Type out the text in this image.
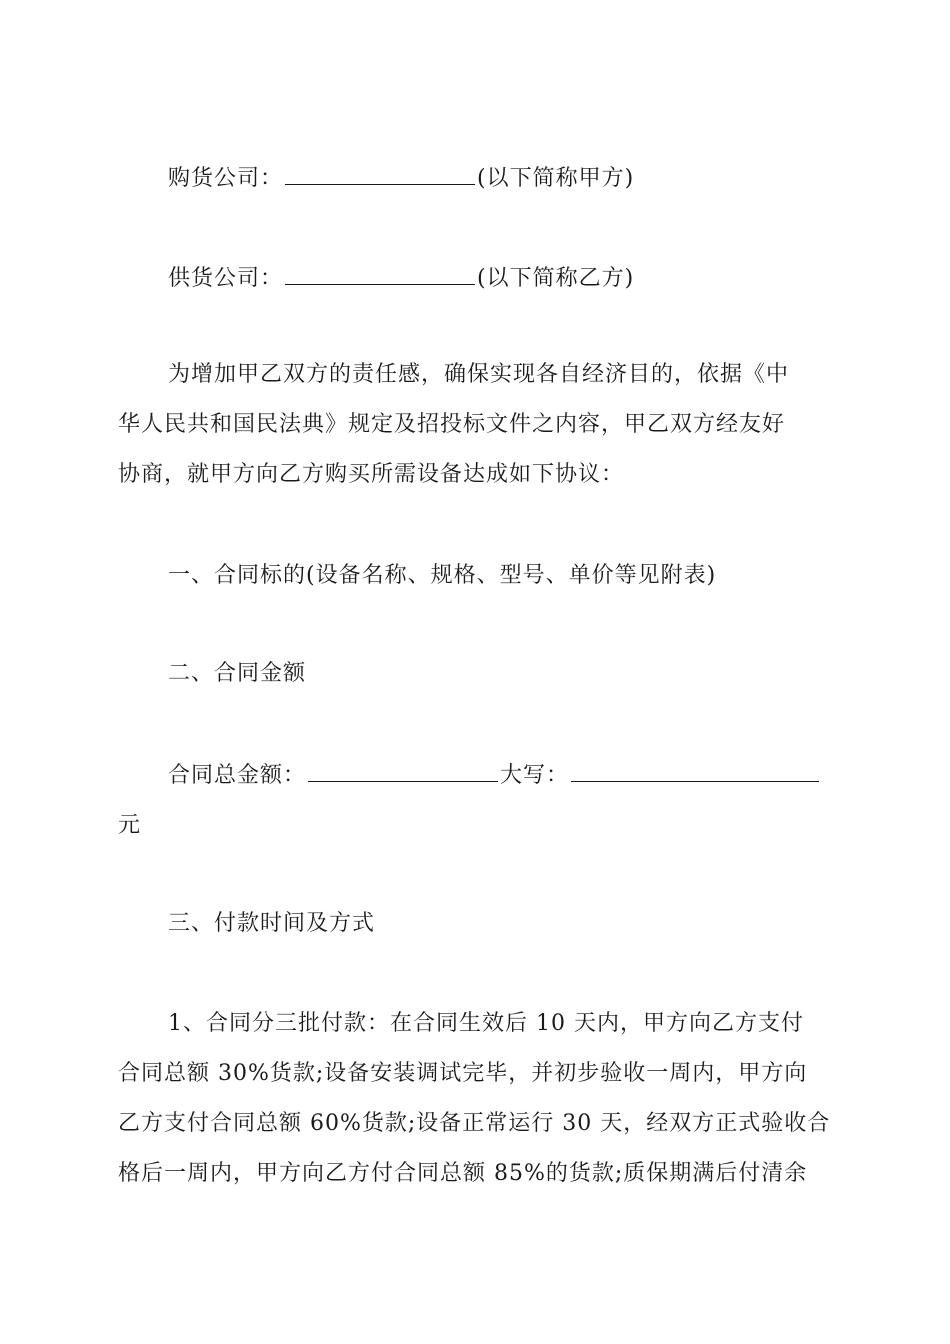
购货公司：	(以下简称甲方)
供货公司：	(以下简称乙方)
为增加甲乙双方的责任感，确保实现各自经济目的，依据《中
华人民共和国民法典》规定及招投标文件之内容，甲乙双方经友好
协商，就甲方向乙方购买所需设备达成如下协议：
一、合同标的(设备名称、规格、型号、单价等见附表)
二、合同金额
合同总金额：	大写：
元
三、付款时间及方式
1、合同分三批付款：在合同生效后 10 天内，甲方向乙方支付
合同总额 30%货款;设备安装调试完毕，并初步验收一周内，甲方向
乙方支付合同总额 60%货款;设备正常运行 30 天，经双方正式验收合
格后一周内，甲方向乙方付合同总额 85%的货款;质保期满后付清余
